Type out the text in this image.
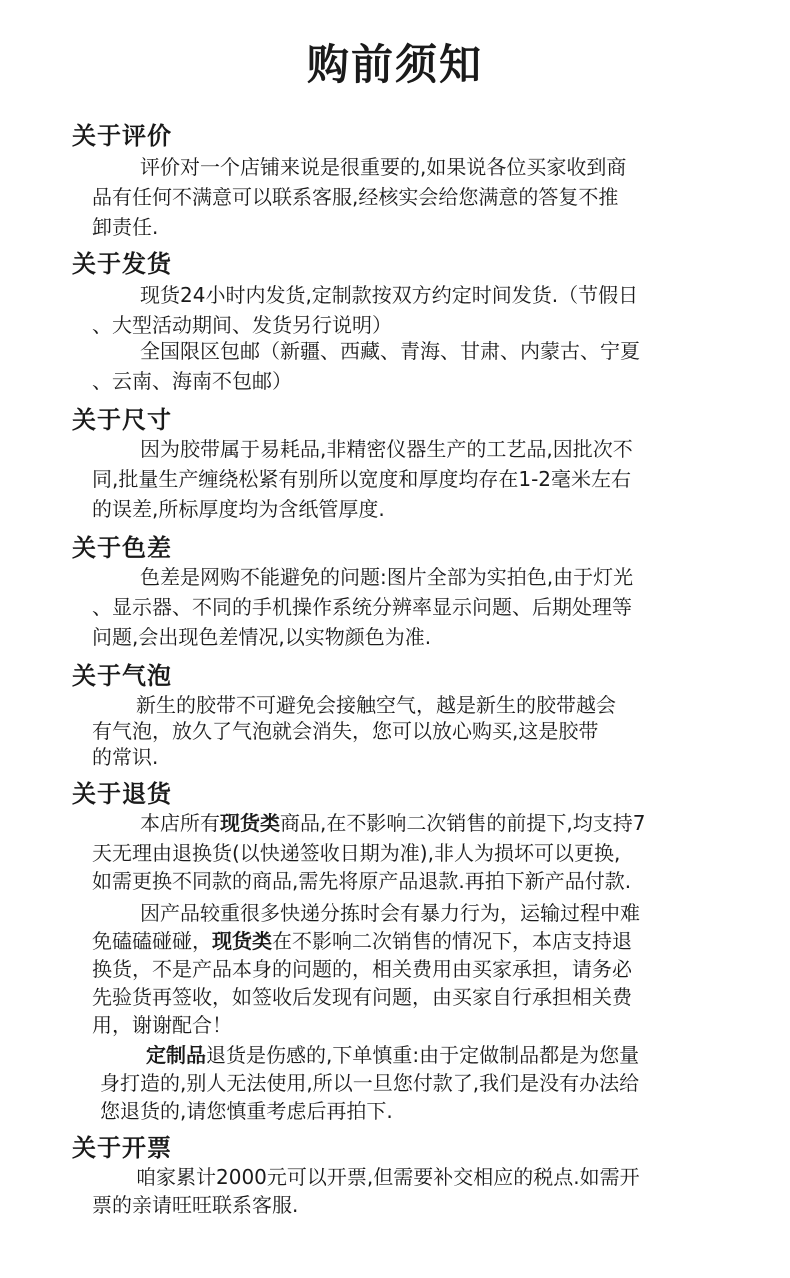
购前须知
关于评价
评价对一个店铺来说是很重要的,如果说各位买家收到商
品有任何不满意可以联系客服,经核实会给您满意的答复不推
卸责任.
关于发货
现货24小时内发货,定制款按双方约定时间发货.（节假日
、大型活动期间、发货另行说明）
全国限区包邮（新疆、西藏、青海、甘肃、内蒙古、宁夏
、云南、海南不包邮）
关于尺寸
因为胶带属于易耗品,非精密仪器生产的工艺品,因批次不
同,批量生产缠绕松紧有别所以宽度和厚度均存在1-2毫米左右
的误差,所标厚度均为含纸管厚度.
关于色差
色差是网购不能避免的问题:图片全部为实拍色,由于灯光
、显示器、不同的手机操作系统分辨率显示问题、后期处理等
问题,会出现色差情况,以实物颜色为准.
关于气泡
新生的胶带不可避免会接触空气，越是新生的胶带越会
有气泡，放久了气泡就会消失，您可以放心购买,这是胶带
的常识.
关于退货
本店所有现货类商品,在不影响二次销售的前提下,均支持7
天无理由退换货(以快递签收日期为准),非人为损坏可以更换,
如需更换不同款的商品,需先将原产品退款.再拍下新产品付款.
因产品较重很多快递分拣时会有暴力行为，运输过程中难
免磕磕碰碰，现货类在不影响二次销售的情况下，本店支持退
换货，不是产品本身的问题的，相关费用由买家承担，请务必
先验货再签收，如签收后发现有问题，由买家自行承担相关费
用，谢谢配合！
定制品退货是伤感的,下单慎重:由于定做制品都是为您量
身打造的,别人无法使用,所以一旦您付款了,我们是没有办法给
您退货的,请您慎重考虑后再拍下.
关于开票
咱家累计2000元可以开票,但需要补交相应的税点.如需开
票的亲请旺旺联系客服.
